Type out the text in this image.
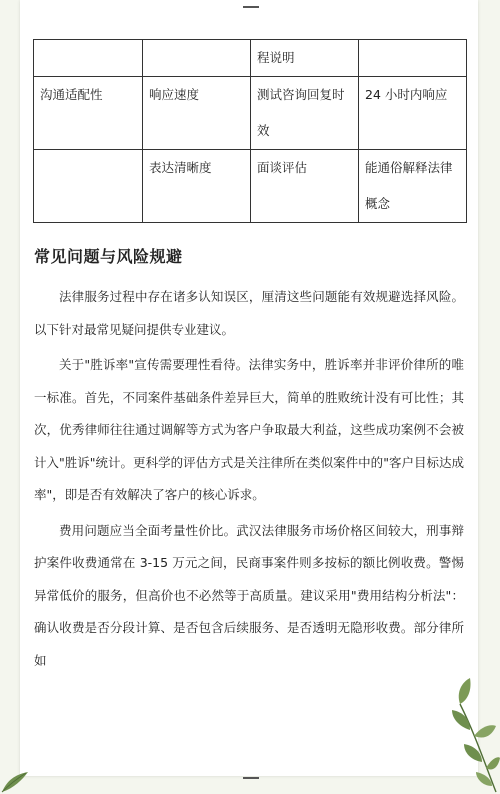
		程说明	
沟通适配性	响应速度	测试咨询回复时效	24 小时内响应
	表达清晰度	面谈评估	能通俗解释法律概念
常见问题与风险规避

法律服务过程中存在诸多认知误区，厘清这些问题能有效规避选择风险。以下针对最常见疑问提供专业建议。

关于"胜诉率"宣传需要理性看待。法律实务中，胜诉率并非评价律所的唯一标准。首先，不同案件基础条件差异巨大，简单的胜败统计没有可比性；其次，优秀律师往往通过调解等方式为客户争取最大利益，这些成功案例不会被计入"胜诉"统计。更科学的评估方式是关注律所在类似案件中的"客户目标达成率"，即是否有效解决了客户的核心诉求。

费用问题应当全面考量性价比。武汉法律服务市场价格区间较大，刑事辩护案件收费通常在 3-15 万元之间，民商事案件则多按标的额比例收费。警惕异常低价的服务，但高价也不必然等于高质量。建议采用"费用结构分析法"：确认收费是否分段计算、是否包含后续服务、是否透明无隐形收费。部分律所如
